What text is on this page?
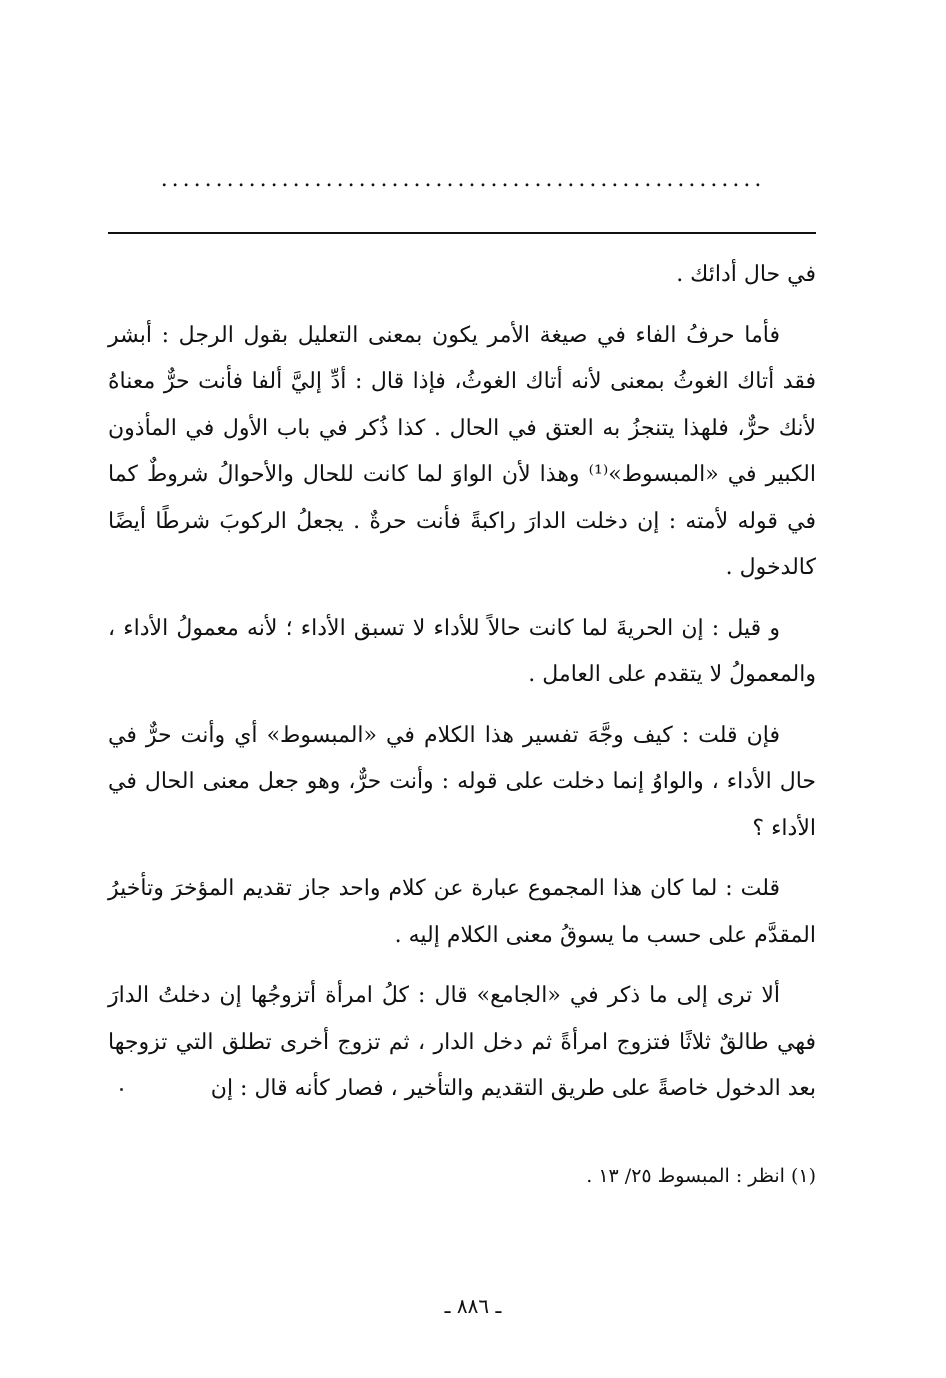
.......................................................

في حال أدائك .

فأما حرفُ الفاء في صيغة الأمر يكون بمعنى التعليل بقول الرجل : أبشر فقد أتاك الغوثُ بمعنى لأنه أتاك الغوثُ، فإذا قال : أدِّ إليَّ ألفا فأنت حرٌّ معناهُ لأنك حرٌّ، فلهذا يتنجزُ به العتق في الحال . كذا ذُكر في باب الأول في المأذون الكبير في «المبسوط»⁽¹⁾ وهذا لأن الواوَ لما كانت للحال والأحوالُ شروطٌ كما في قوله لأمته : إن دخلت الدارَ راكبةً فأنت حرةٌ . يجعلُ الركوبَ شرطًا أيضًا كالدخول .

و قيل : إن الحريةَ لما كانت حالاً للأداء لا تسبق الأداء ؛ لأنه معمولُ الأداء ، والمعمولُ لا يتقدم على العامل .

فإن قلت : كيف وجَّهَ تفسير هذا الكلام في «المبسوط» أي وأنت حرٌّ في حال الأداء ، والواوُ إنما دخلت على قوله : وأنت حرٌّ، وهو جعل معنى الحال في الأداء ؟

قلت : لما كان هذا المجموع عبارة عن كلام واحد جاز تقديم المؤخرَ وتأخيرُ المقدَّم على حسب ما يسوقُ معنى الكلام إليه .

ألا ترى إلى ما ذكر في «الجامع» قال : كلُ امرأة أتزوجُها إن دخلتُ الدارَ فهي طالقٌ ثلاثًا فتزوج امرأةً ثم دخل الدار ، ثم تزوج أخرى تطلق التي تزوجها بعد الدخول خاصةً على طريق التقديم والتأخير ، فصار كأنه قال : إن

(١) انظر : المبسوط ٢٥/ ١٣ .
ـ ٨٨٦ ـ
